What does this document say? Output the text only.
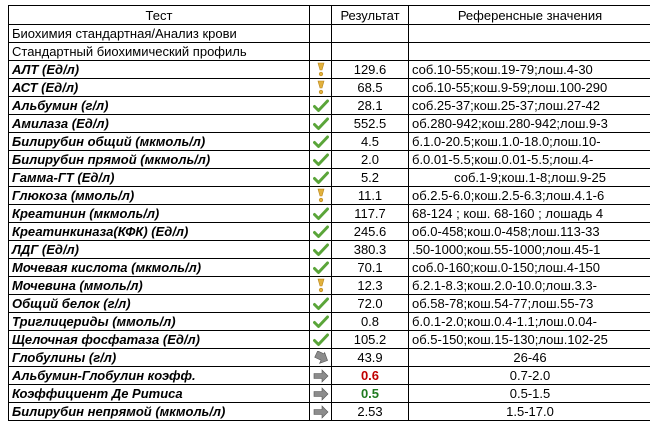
Тест		Результат	Референсные значения
Биохимия стандартная/Анализ крови			
Стандартный биохимический профиль			
АЛТ (Ед/л)		129.6	соб.10-55;кош.19-79;лош.4-30
АСТ (Ед/л)		68.5	соб.10-55;кош.9-59;лош.100-290
Альбумин (г/л)		28.1	соб.25-37;кош.25-37;лош.27-42
Амилаза (Ед/л)		552.5	об.280-942;кош.280-942;лош.9-3
Билирубин общий (мкмоль/л)		4.5	б.1.0-20.5;кош.1.0-18.0;лош.10-
Билирубин прямой (мкмоль/л)		2.0	б.0.01-5.5;кош.0.01-5.5;лош.4-
Гамма-ГТ (Ед/л)		5.2	соб.1-9;кош.1-8;лош.9-25
Глюкоза (ммоль/л)		11.1	об.2.5-6.0;кош.2.5-6.3;лош.4.1-6
Креатинин (мкмоль/л)		117.7	68-124 ; кош. 68-160 ; лошадь 4
Креатинкиназа(КФК) (Ед/л)		245.6	об.0-458;кош.0-458;лош.113-33
ЛДГ (Ед/л)		380.3	.50-1000;кош.55-1000;лош.45-1
Мочевая кислота (мкмоль/л)		70.1	соб.0-160;кош.0-150;лош.4-150
Мочевина (ммоль/л)		12.3	б.2.1-8.3;кош.2.0-10.0;лош.3.3-
Общий белок (г/л)		72.0	об.58-78;кош.54-77;лош.55-73
Триглицериды (ммоль/л)		0.8	б.0.1-2.0;кош.0.4-1.1;лош.0.04-
Щелочная фосфатаза (Ед/л)		105.2	об.5-150;кош.15-130;лош.102-25
Глобулины (г/л)		43.9	26-46
Альбумин-Глобулин коэфф.		0.6	0.7-2.0
Коэффициент Де Ритиса		0.5	0.5-1.5
Билирубин непрямой (мкмоль/л)		2.53	1.5-17.0
